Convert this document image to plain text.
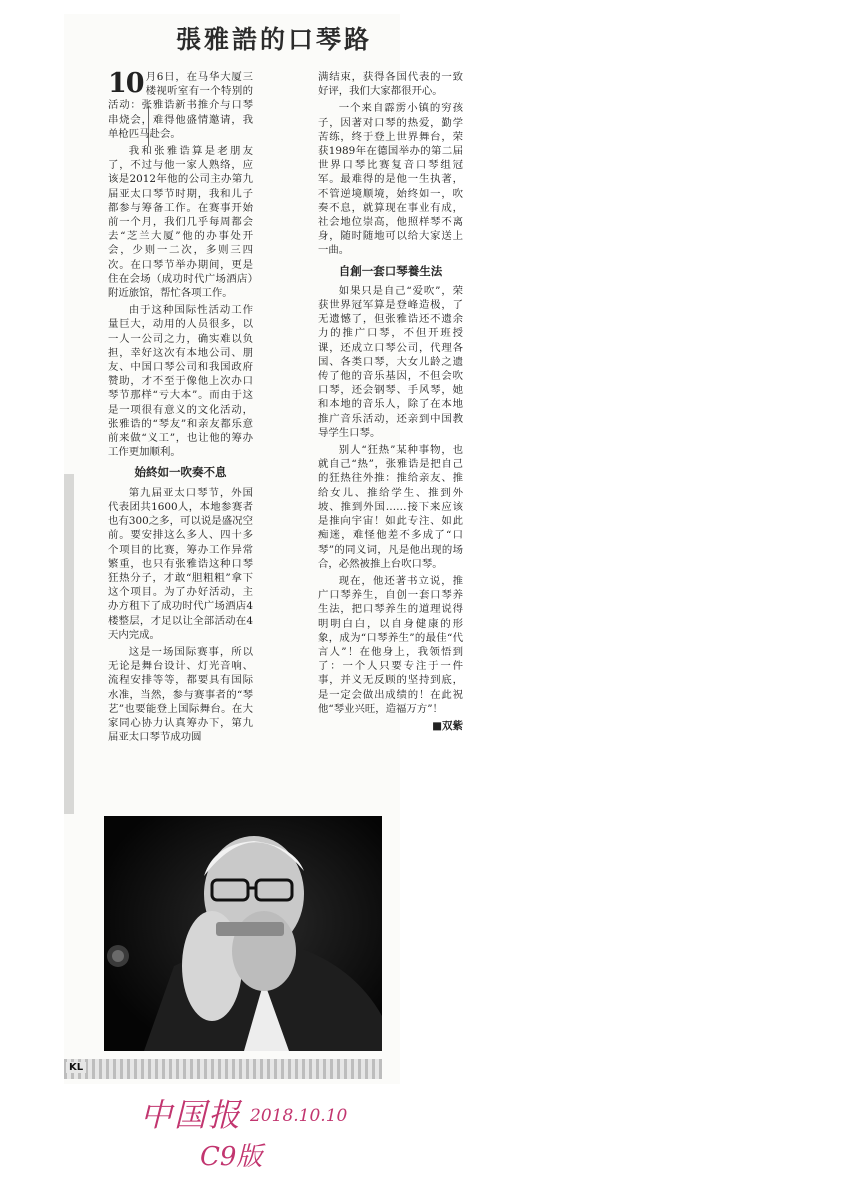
張雅誥的口琴路

10 月6日，在马华大厦三楼视听室有一个特别的活动：张雅诰新书推介与口琴串烧会，难得他盛情邀请，我单枪匹马赴会。

我和张雅诰算是老朋友了，不过与他一家人熟络，应该是2012年他的公司主办第九届亚太口琴节时期，我和儿子都参与筹备工作。在赛事开始前一个月，我们几乎每周都会去“芝兰大厦”他的办事处开会，少则一二次，多则三四次。在口琴节举办期间，更是住在会场（成功时代广场酒店）附近旅馆，帮忙各项工作。

由于这种国际性活动工作量巨大，动用的人员很多，以一人一公司之力，确实难以负担，幸好这次有本地公司、朋友、中国口琴公司和我国政府赞助，才不至于像他上次办口琴节那样“亏大本”。而由于这是一项很有意义的文化活动，张雅诰的“琴友”和亲友都乐意前来做“义工”，也让他的筹办工作更加顺利。

始終如一吹奏不息

第九届亚太口琴节，外国代表团共1600人，本地参赛者也有300之多，可以说是盛况空前。要安排这么多人、四十多个项目的比赛，筹办工作异常繁重，也只有张雅诰这种口琴狂热分子，才敢“胆粗粗”拿下这个项目。为了办好活动，主办方租下了成功时代广场酒店4楼整层，才足以让全部活动在4天内完成。

这是一场国际赛事，所以无论是舞台设计、灯光音响、流程安排等等，都要具有国际水准，当然，参与赛事者的“琴艺”也要能登上国际舞台。在大家同心协力认真筹办下，第九届亚太口琴节成功圆

满结束，获得各国代表的一致好评，我们大家都很开心。

一个来自霹雳小镇的穷孩子，因著对口琴的热爱，勤学苦练，终于登上世界舞台，荣获1989年在德国举办的第二届世界口琴比赛复音口琴组冠军。最难得的是他一生执著，不管逆境顺境，始终如一，吹奏不息，就算现在事业有成，社会地位崇高，他照样琴不离身，随时随地可以给大家送上一曲。

自創一套口琴養生法

如果只是自己“爱吹”，荣获世界冠军算是登峰造极，了无遗憾了，但张雅诰还不遗余力的推广口琴，不但开班授课，还成立口琴公司，代理各国、各类口琴，大女儿龄之遗传了他的音乐基因，不但会吹口琴，还会钢琴、手风琴，她和本地的音乐人，除了在本地推广音乐活动，还亲到中国教导学生口琴。

别人“狂热”某种事物，也就自己“热”，张雅诰是把自己的狂热往外推：推给亲友、推给女儿、推给学生、推到外坡、推到外国……接下来应该是推向宇宙！如此专注、如此痴迷，难怪他差不多成了“口琴”的同义词，凡是他出现的场合，必然被推上台吹口琴。

现在，他还著书立说，推广口琴养生，自创一套口琴养生法，把口琴养生的道理说得明明白白，以自身健康的形象，成为“口琴养生”的最佳“代言人”！在他身上，我领悟到了：一个人只要专注于一件事，并义无反顾的坚持到底，是一定会做出成绩的！在此祝他“琴业兴旺，造福万方”！

■双紫
KL
中国报 2018.10.10
C9版
